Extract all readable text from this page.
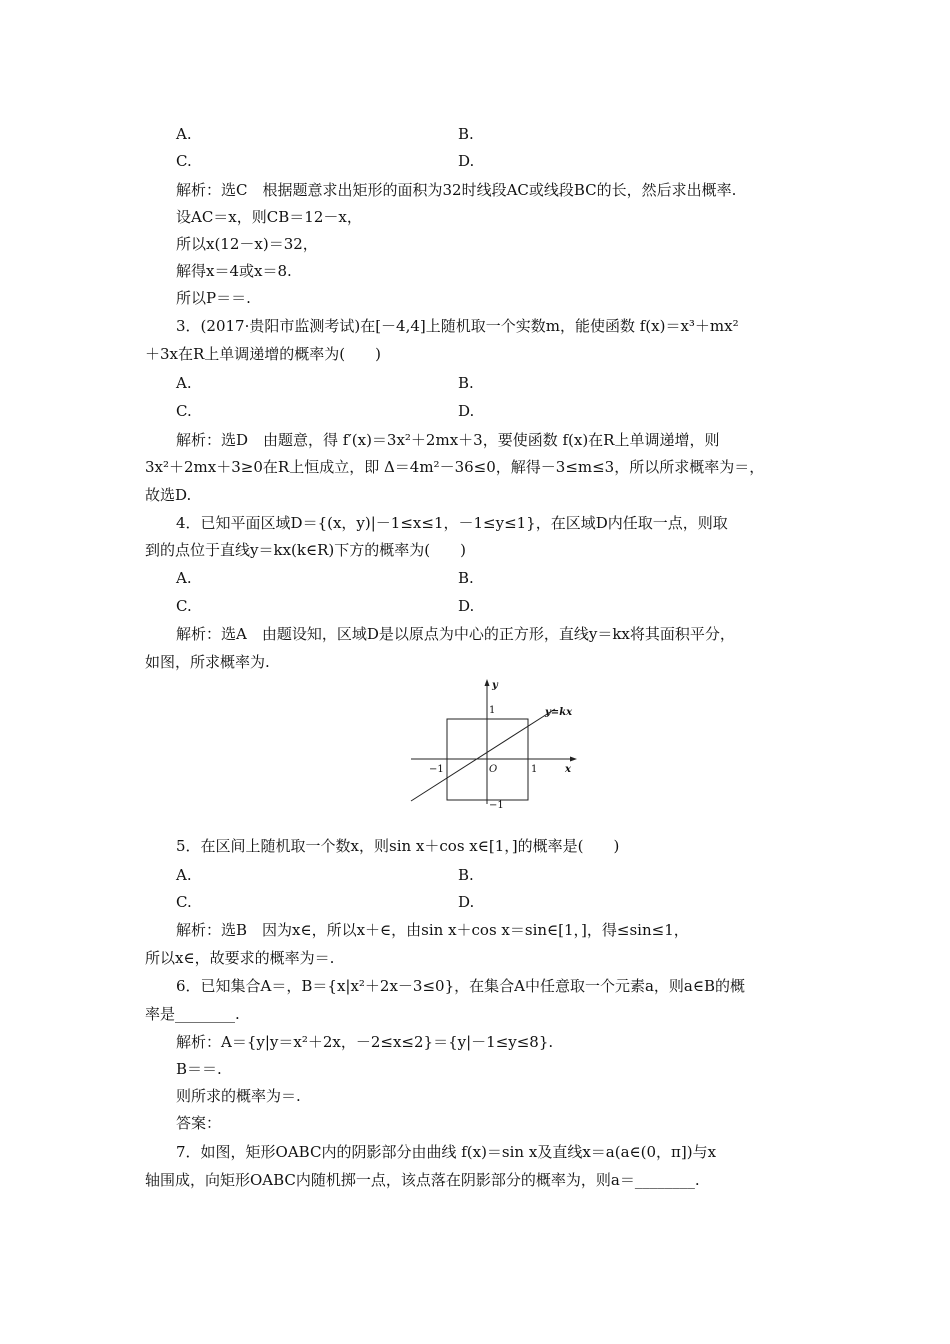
A.	B.
C.	D.
解析：选C　根据题意求出矩形的面积为32时线段AC或线段BC的长，然后求出概率.
设AC＝x，则CB＝12－x，
所以x(12－x)＝32，
解得x＝4或x＝8.
所以P＝＝.
3．(2017·贵阳市监测考试)在[－4,4]上随机取一个实数m，能使函数 f(x)＝x³＋mx²
＋3x在R上单调递增的概率为(　　)
A.	B.
C.	D.
解析：选D　由题意，得 f′(x)＝3x²＋2mx＋3，要使函数 f(x)在R上单调递增，则
3x²＋2mx＋3≥0在R上恒成立，即 Δ＝4m²－36≤0，解得－3≤m≤3，所以所求概率为＝，
故选D.
4．已知平面区域D＝{(x，y)|－1≤x≤1，－1≤y≤1}，在区域D内任取一点，则取
到的点位于直线y＝kx(k∈R)下方的概率为(　　)
A.	B.
C.	D.
解析：选A　由题设知，区域D是以原点为中心的正方形，直线y＝kx将其面积平分，
如图，所求概率为.
5．在区间上随机取一个数x，则sin x＋cos x∈[1，]的概率是(　　)
A.	B.
C.	D.
解析：选B　因为x∈，所以x＋∈，由sin x＋cos x＝sin∈[1，]，得≤sin≤1，
所以x∈，故要求的概率为＝.
6．已知集合A＝，B＝{x|x²＋2x－3≤0}，在集合A中任意取一个元素a，则a∈B的概
率是________.
解析：A＝{y|y＝x²＋2x，－2≤x≤2}＝{y|－1≤y≤8}.
B＝＝.
则所求的概率为＝.
答案：
7．如图，矩形OABC内的阴影部分由曲线 f(x)＝sin x及直线x＝a(a∈(0，π])与x
轴围成，向矩形OABC内随机掷一点，该点落在阴影部分的概率为，则a＝________.
y
x
y=kx
O
1
−1
1
−1
